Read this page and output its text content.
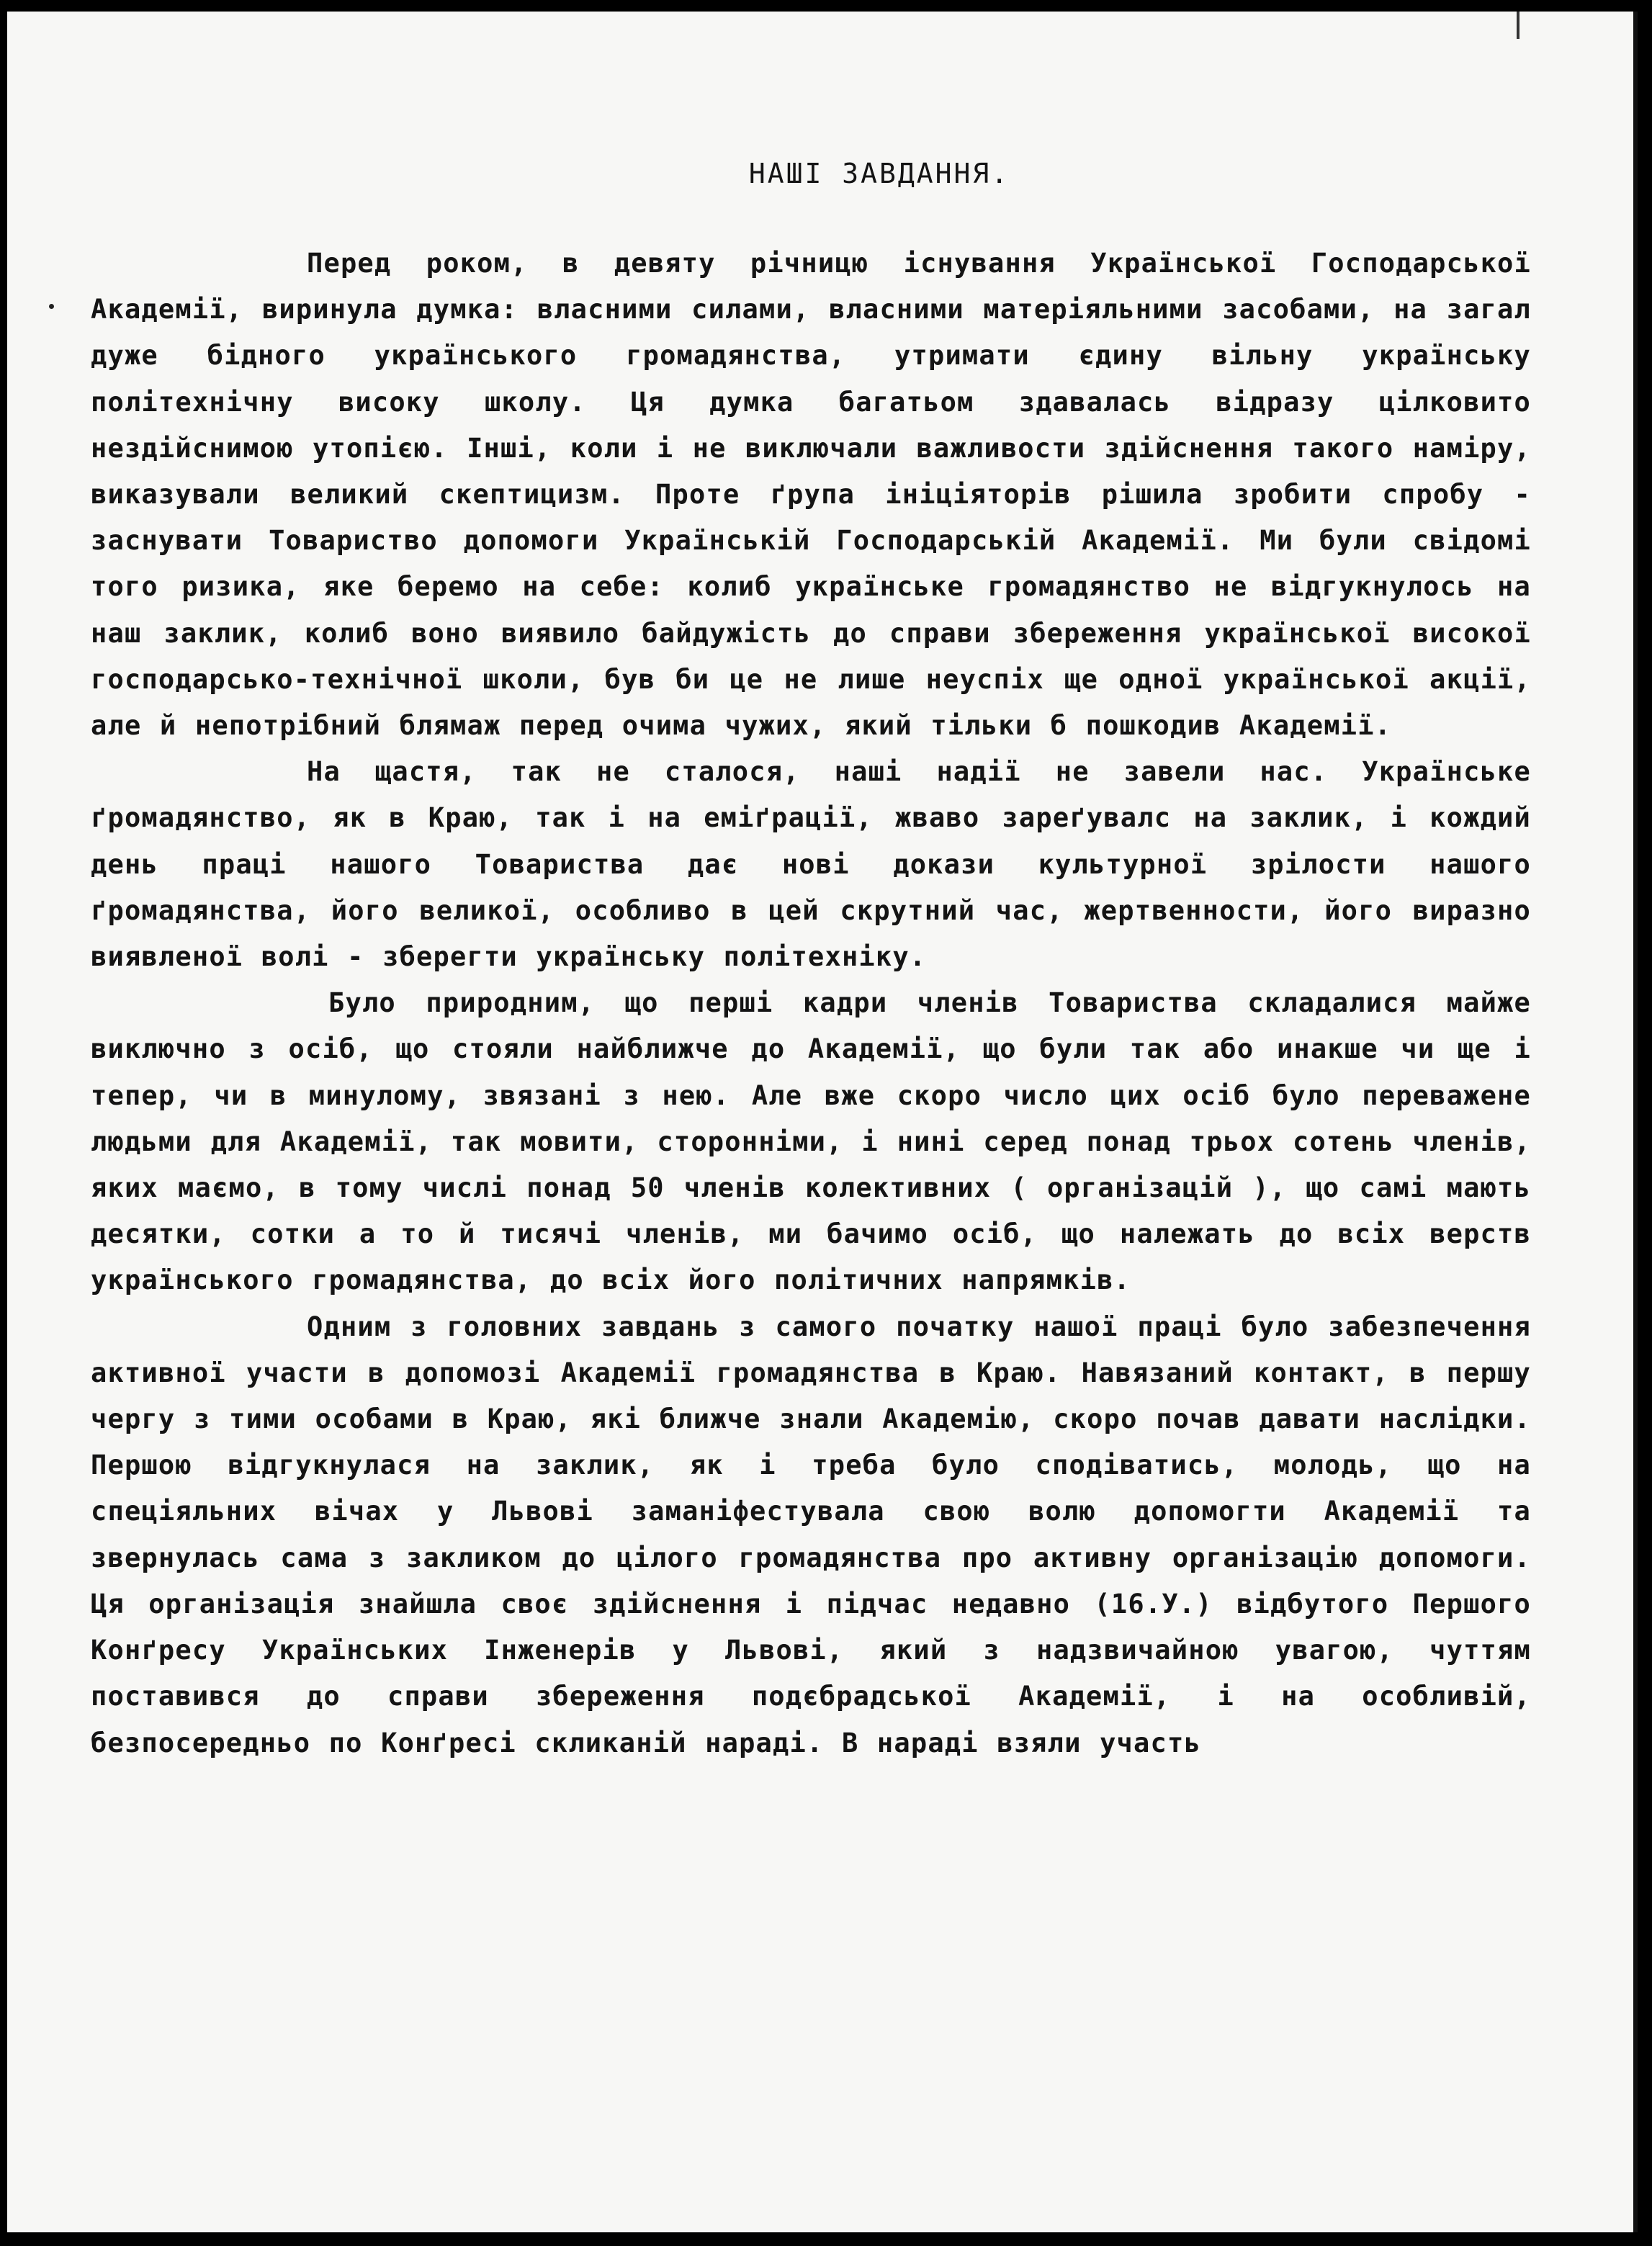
НАШІ ЗАВДАННЯ.

Перед роком, в девяту річницю існування Української Господарської Академії, виринула думка: власними силами, власними матеріяльними засобами, на загал дуже бідного українського громадянства, утримати єдину вільну українську політехнічну високу школу. Ця думка багатьом здавалась відразу цілковито нездійснимою утопією. Інші, коли і не виключали важливости здійснення такого наміру, виказували великий скептицизм. Проте ґрупа ініціяторів рішила зробити спробу - заснувати Товариство допомоги Українській Господарській Академії. Ми були свідомі того ризика, яке беремо на себе: колиб українське громадянство не відгукнулось на наш заклик, колиб воно виявило байдужість до справи збереження української високої господарсько-технічної школи, був би це не лише неуспіх ще одної української акції, але й непотрібний блямаж перед очима чужих, який тільки б пошкодив Академії.

На щастя, так не сталося, наші надії не завели нас. Українське ґромадянство, як в Краю, так і на еміґрації, жваво зареґувалс на заклик, і кождий день праці нашого Товариства дає нові докази культурної зрілости нашого ґромадянства, його великої, особливо в цей скрутний час, жертвенности, його виразно виявленої волі - зберегти українську політехніку.

Було природним, що перші кадри членів Товариства складалися майже виключно з осіб, що стояли найближче до Академії, що були так або инакше чи ще і тепер, чи в минулому, звязані з нею. Але вже скоро число цих осіб було переважене людьми для Академії, так мовити, сторонніми, і нині серед понад трьох сотень членів, яких маємо, в тому числі понад 50 членів колективних ( організацій ), що самі мають десятки, сотки а то й тисячі членів, ми бачимо осіб, що належать до всіх верств українського громадянства, до всіх його політичних напрямків.

Одним з головних завдань з самого початку нашої праці було забезпечення активної участи в допомозі Академії громадянства в Краю. Навязаний контакт, в першу чергу з тими особами в Краю, які ближче знали Академію, скоро почав давати наслідки. Першою відгукнулася на заклик, як і треба було сподіватись, молодь, що на спеціяльних вічах у Львові заманіфестувала свою волю допомогти Академії та звернулась сама з закликом до цілого громадянства про активну організацію допомоги. Ця організація знайшла своє здійснення і підчас недавно (16.У.) відбутого Першого Конґресу Українських Інженерів у Львові, який з надзвичайною увагою, чуттям поставився до справи збереження подєбрадської Академії, і на особливій, безпосередньо по Конґресі скликаній нараді. В нараді взяли участь
